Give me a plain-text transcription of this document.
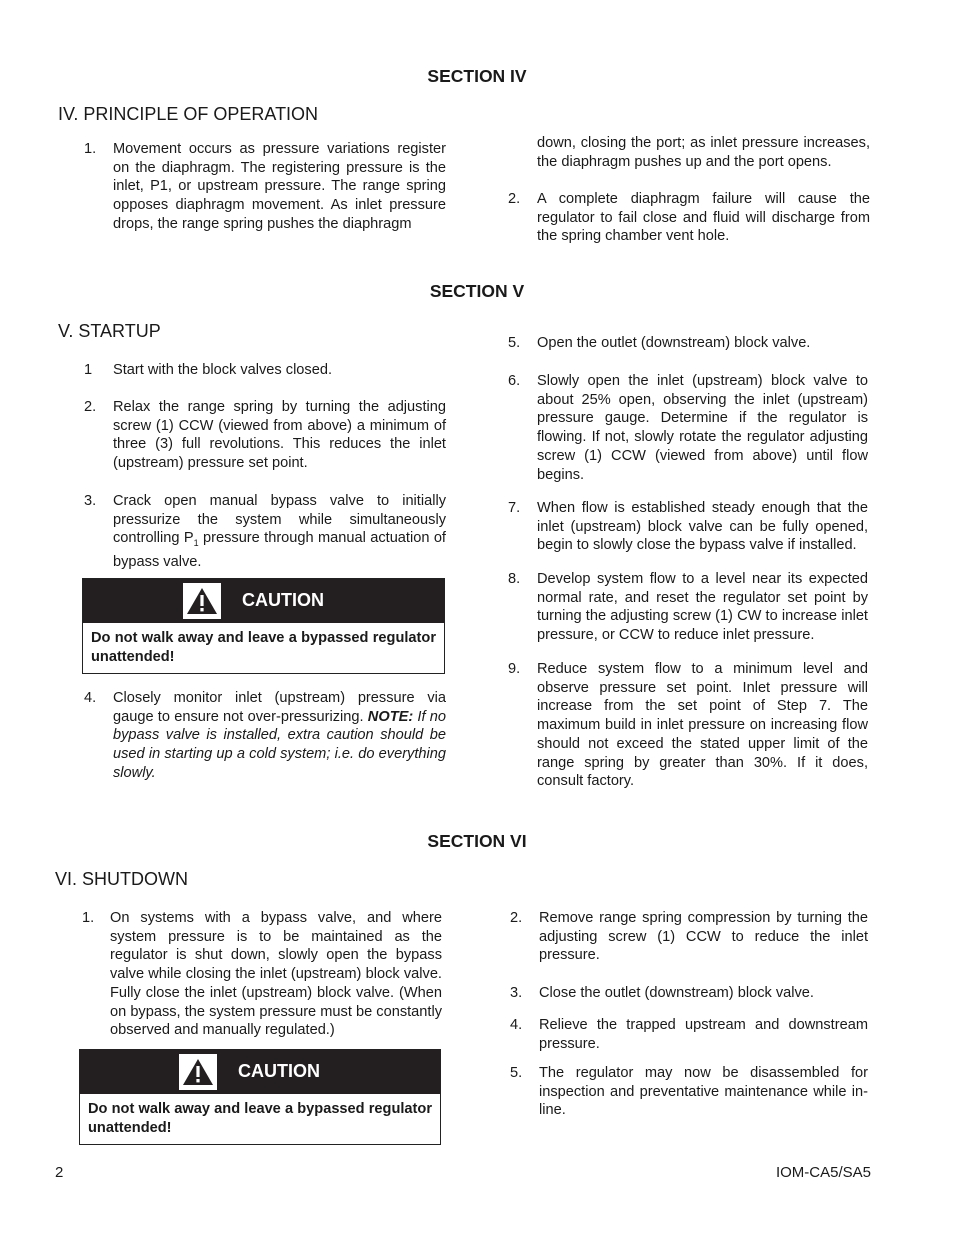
SECTION IV
IV. PRINCIPLE OF OPERATION
1. Movement occurs as pressure variations register on the diaphragm. The registering pressure is the inlet, P1, or upstream pressure. The range spring opposes diaphragm movement. As inlet pressure drops, the range spring pushes the diaphragm
down, closing the port; as inlet pressure increases, the diaphragm pushes up and the port opens.
2. A complete diaphragm failure will cause the regulator to fail close and fluid will discharge from the spring chamber vent hole.
SECTION V
V. STARTUP
1 Start with the block valves closed.
2. Relax the range spring by turning the adjusting screw (1) CCW (viewed from above) a minimum of three (3) full revolutions. This reduces the inlet (upstream) pressure set point.
3. Crack open manual bypass valve to initially pressurize the system while simultaneously controlling $P_1$ pressure through manual actuation of bypass valve.
CAUTION
Do not walk away and leave a bypassed regulator unattended!
4. Closely monitor inlet (upstream) pressure via gauge to ensure not over-pressurizing. NOTE: If no bypass valve is installed, extra caution should be used in starting up a cold system; i.e. do everything slowly.
5. Open the outlet (downstream) block valve.
6. Slowly open the inlet (upstream) block valve to about 25% open, observing the inlet (upstream) pressure gauge. Determine if the regulator is flowing. If not, slowly rotate the regulator adjusting screw (1) CCW (viewed from above) until flow begins.
7. When flow is established steady enough that the inlet (upstream) block valve can be fully opened, begin to slowly close the bypass valve if installed.
8. Develop system flow to a level near its expected normal rate, and reset the regulator set point by turning the adjusting screw (1) CW to increase inlet pressure, or CCW to reduce inlet pressure.
9. Reduce system flow to a minimum level and observe pressure set point. Inlet pressure will increase from the set point of Step 7. The maximum build in inlet pressure on increasing flow should not exceed the stated upper limit of the range spring by greater than 30%. If it does, consult factory.
SECTION VI
VI. SHUTDOWN
1. On systems with a bypass valve, and where system pressure is to be maintained as the regulator is shut down, slowly open the bypass valve while closing the inlet (upstream) block valve. Fully close the inlet (upstream) block valve. (When on bypass, the system pressure must be constantly observed and manually regulated.)
CAUTION
Do not walk away and leave a bypassed regulator unattended!
2. Remove range spring compression by turning the adjusting screw (1) CCW to reduce the inlet pressure.
3. Close the outlet (downstream) block valve.
4. Relieve the trapped upstream and downstream pressure.
5. The regulator may now be disassembled for inspection and preventative maintenance while in-line.
2	IOM-CA5/SA5
